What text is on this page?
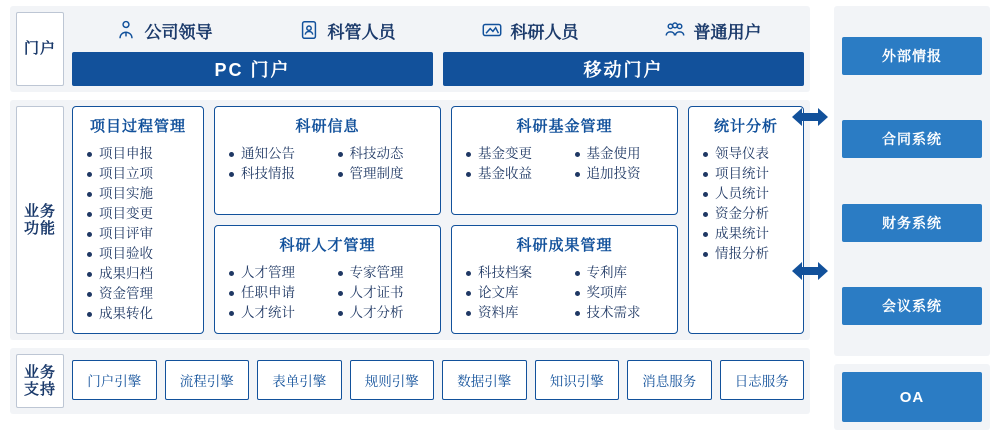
门户
公司领导	科管人员	科研人员	普通用户
PC 门户	移动门户
业务功能
项目过程管理
项目申报
项目立项
项目实施
项目变更
项目评审
项目验收
成果归档
资金管理
成果转化
科研信息
通知公告
科技情报
科技动态
管理制度
科研基金管理
基金变更
基金收益
基金使用
追加投资
科研人才管理
人才管理
任职申请
人才统计
专家管理
人才证书
人才分析
科研成果管理
科技档案
论文库
资料库
专利库
奖项库
技术需求
统计分析
领导仪表
项目统计
人员统计
资金分析
成果统计
情报分析
业务支持	门户引擎	流程引擎	表单引擎	规则引擎	数据引擎	知识引擎	消息服务	日志服务
外部情报
合同系统
财务系统
会议系统
OA
